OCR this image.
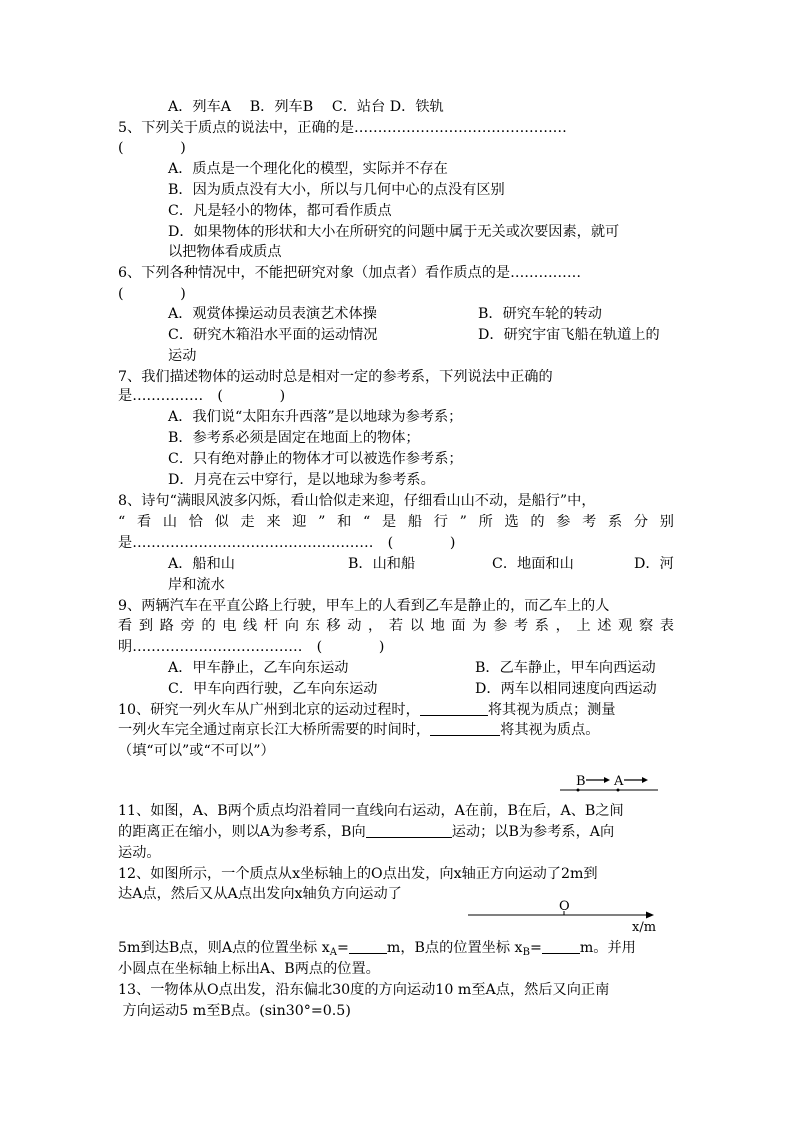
A．列车A　 B．列车B　 C．站台 D．铁轨
5、下列关于质点的说法中，正确的是………………………………………
(　　　　)
A．质点是一个理化化的模型，实际并不存在
B．因为质点没有大小，所以与几何中心的点没有区别
C．凡是轻小的物体，都可看作质点
D．如果物体的形状和大小在所研究的问题中属于无关或次要因素，就可
以把物体看成质点
6、下列各种情况中，不能把研究对象（加点者）看作质点的是……………
(　　　　)
A．观赏体操运动员表演艺术体操	B．研究车轮的转动
C．研究木箱沿水平面的运动情况	D．研究宇宙飞船在轨道上的
运动
7、我们描述物体的运动时总是相对一定的参考系，下列说法中正确的
是……………　(　　　　)
A．我们说“太阳东升西落”是以地球为参考系；
B．参考系必须是固定在地面上的物体；
C．只有绝对静止的物体才可以被选作参考系；
D．月亮在云中穿行，是以地球为参考系。
8、诗句“满眼风波多闪烁，看山恰似走来迎，仔细看山山不动，是船行”中，
“看山恰似走来迎”和“是船行”所选的参考系分别
是……………………………………………　(　　　　)
A．船和山	B．山和船	C．地面和山	D．河
岸和流水
9、两辆汽车在平直公路上行驶，甲车上的人看到乙车是静止的，而乙车上的人
看到路旁的电线杆向东移动，若以地面为参考系，上述观察表
明………………………………　(　　　　)
A．甲车静止，乙车向东运动	B．乙车静止，甲车向西运动
C．甲车向西行驶，乙车向东运动	D．两车以相同速度向西运动
10、研究一列火车从广州到北京的运动过程时，	将其视为质点；测量
一列火车完全通过南京长江大桥所需要的时间时，	将其视为质点。
（填“可以”或“不可以”）
B A
11、如图，A、B两个质点均沿着同一直线向右运动，A在前，B在后，A、B之间
的距离正在缩小，则以A为参考系，B向	运动；以B为参考系，A向
运动。
12、如图所示，一个质点从x坐标轴上的O点出发，向x轴正方向运动了2m到
达A点，然后又从A点出发向x轴负方向运动了
O
x/m
5m到达B点，则A点的位置坐标 $x_A=$	m，B点的位置坐标 $x_B=$	m。并用
小圆点在坐标轴上标出A、B两点的位置。
13、一物体从O点出发，沿东偏北30度的方向运动10 m至A点，然后又向正南
方向运动5 m至B点。(sin30°=0.5)
